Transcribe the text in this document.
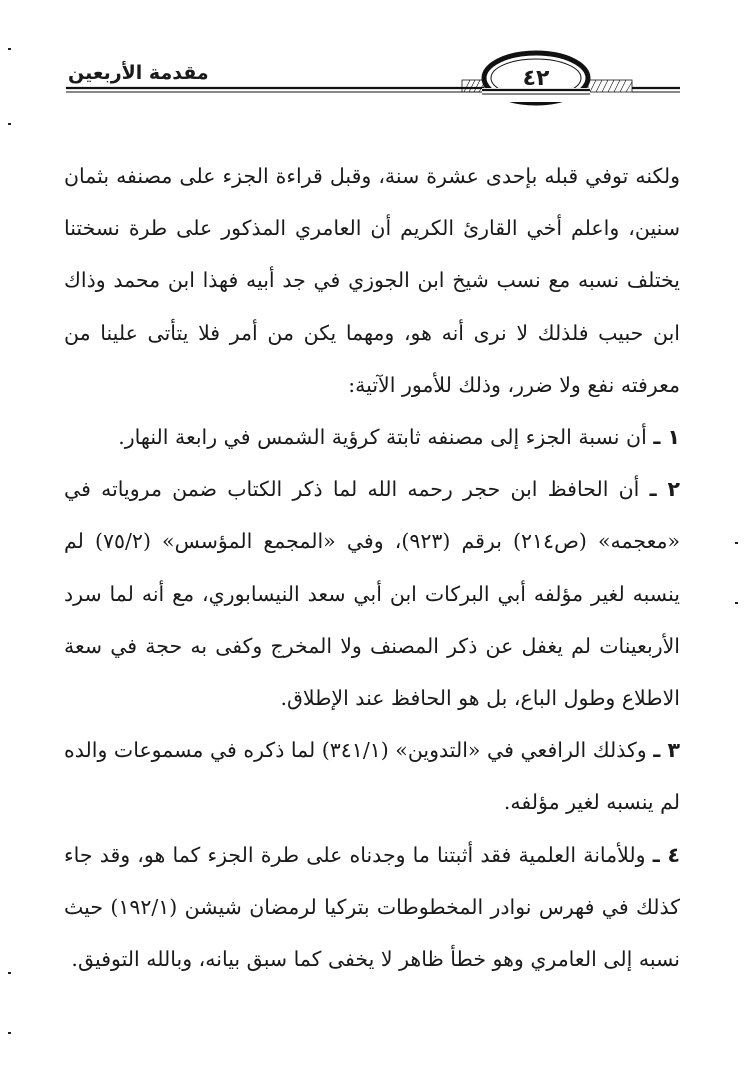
مقدمة الأربعين	٤٢

ولكنه توفي قبله بإحدى عشرة سنة، وقبل قراءة الجزء على مصنفه بثمان سنين، واعلم أخي القارئ الكريم أن العامري المذكور على طرة نسختنا يختلف نسبه مع نسب شيخ ابن الجوزي في جد أبيه فهذا ابن محمد وذاك ابن حبيب فلذلك لا نرى أنه هو، ومهما يكن من أمر فلا يتأتى علينا من معرفته نفع ولا ضرر، وذلك للأمور الآتية:

١ ـ أن نسبة الجزء إلى مصنفه ثابتة كرؤية الشمس في رابعة النهار.

٢ ـ أن الحافظ ابن حجر رحمه الله لما ذكر الكتاب ضمن مروياته في «معجمه» (ص٢١٤) برقم (٩٢٣)، وفي «المجمع المؤسس» (٧٥/٢) لم ينسبه لغير مؤلفه أبي البركات ابن أبي سعد النيسابوري، مع أنه لما سرد الأربعينات لم يغفل عن ذكر المصنف ولا المخرج وكفى به حجة في سعة الاطلاع وطول الباع، بل هو الحافظ عند الإطلاق.

٣ ـ وكذلك الرافعي في «التدوين» (٣٤١/١) لما ذكره في مسموعات والده لم ينسبه لغير مؤلفه.

٤ ـ وللأمانة العلمية فقد أثبتنا ما وجدناه على طرة الجزء كما هو، وقد جاء كذلك في فهرس نوادر المخطوطات بتركيا لرمضان شيشن (١٩٢/١) حيث نسبه إلى العامري وهو خطأ ظاهر لا يخفى كما سبق بيانه، وبالله التوفيق.
